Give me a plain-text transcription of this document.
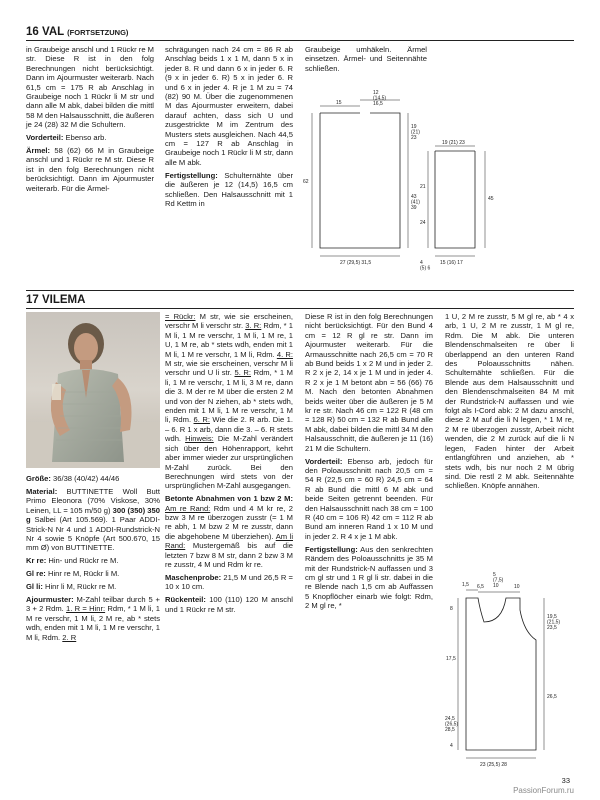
16 VAL (FORTSETZUNG)

in Graubeige anschl und 1 Rückr re M str. Diese R ist in den folg Berechnungen nicht berücksichtigt. Dann im Ajourmuster weiterarb. Nach 61,5 cm = 175 R ab Anschlag in Graubeige noch 1 Rückr li M str und dann alle M abk, dabei bilden die mittl 58 M den Halsausschnitt, die äußeren je 24 (28) 32 M die Schultern.

Vorderteil: Ebenso arb.

Ärmel: 58 (62) 66 M in Graubeige anschl und 1 Rückr re M str. Diese R ist in den folg Berechnungen nicht berücksichtigt. Dann im Ajourmuster weiterarb. Für die Ärmel-

schrägungen nach 24 cm = 86 R ab Anschlag beids 1 x 1 M, dann 5 x in jeder 8. R und dann 6 x in jeder 6. R (9 x in jeder 6. R) 5 x in jeder 6. R und 6 x in jeder 4. R je 1 M zu = 74 (82) 90 M. Über die zugenommenen M das Ajourmuster erweitern, dabei darauf achten, dass sich U und zusgestrickte M im Zentrum des Musters stets ausgleichen. Nach 44,5 cm = 127 R ab Anschlag in Graubeige noch 1 Rückr li M str, dann alle M abk.

Fertigstellung: Schulternähte über die äußeren je 12 (14,5) 16,5 cm schließen. Den Halsausschnitt mit 1 Rd Kettm in

Graubeige umhäkeln. Ärmel einsetzen. Ärmel- und Seitennähte schließen.

15
12 (14,5) 16,5
19 (21) 23
62
43 (41) 39
27 (29,5) 31,5
19 (21) 23
21
45
24
4 (5) 6
15 (16) 17
17 VILEMA

Größe: 36/38 (40/42) 44/46

Material: BUTTINETTE Woll Butt Primo Eleonora (70% Viskose, 30% Leinen, LL = 105 m/50 g) 300 (350) 350 g Salbei (Art 105.569). 1 Paar ADDI-Strick-N Nr 4 und 1 ADDI-Rundstrick-N Nr 4 sowie 5 Knöpfe (Art 500.670, 15 mm Ø) von BUTTINETTE.

Kr re: Hin- und Rückr re M.

Gl re: Hinr re M, Rückr li M.

Gl li: Hinr li M, Rückr re M.

Ajourmuster: M-Zahl teilbar durch 5 + 3 + 2 Rdm. 1. R = Hinr: Rdm, * 1 M li, 1 M re verschr, 1 M li, 2 M re, ab * stets wdh, enden mit 1 M li, 1 M re verschr, 1 M li, Rdm. 2. R

= Rückr: M str, wie sie erscheinen, verschr M li verschr str. 3. R: Rdm, * 1 M li, 1 M re verschr, 1 M li, 1 M re, 1 U, 1 M re, ab * stets wdh, enden mit 1 M li, 1 M re verschr, 1 M li, Rdm. 4. R: M str, wie sie erscheinen, verschr M li verschr und U li str. 5. R: Rdm, * 1 M li, 1 M re verschr, 1 M li, 3 M re, dann die 3. M der re M über die ersten 2 M und von der N ziehen, ab * stets wdh, enden mit 1 M li, 1 M re verschr, 1 M li, Rdm. 6. R: Wie die 2. R arb. Die 1. – 6. R 1 x arb, dann die 3. – 6. R stets wdh. Hinweis: Die M-Zahl verändert sich über den Höhenrapport, kehrt aber immer wieder zur ursprünglichen M-Zahl zurück. Bei den Berechnungen wird stets von der ursprünglichen M-Zahl ausgegangen.

Betonte Abnahmen von 1 bzw 2 M: Am re Rand: Rdm und 4 M kr re, 2 bzw 3 M re überzogen zusstr (= 1 M re abh, 1 M bzw 2 M re zusstr, dann die abgehobene M überziehen). Am li Rand: Mustergemäß bis auf die letzten 7 bzw 8 M str, dann 2 bzw 3 M re zusstr, 4 M und Rdm kr re.

Maschenprobe: 21,5 M und 26,5 R = 10 x 10 cm.

Rückenteil: 100 (110) 120 M anschl und 1 Rückr re M str.

Diese R ist in den folg Berechnungen nicht berücksichtigt. Für den Bund 4 cm = 12 R gl re str. Dann im Ajourmuster weiterarb. Für die Armausschnitte nach 26,5 cm = 70 R ab Bund beids 1 x 2 M und in jeder 2. R 2 x je 2, 14 x je 1 M und in jeder 4. R 2 x je 1 M betont abn = 56 (66) 76 M. Nach den betonten Abnahmen beids weiter über die äußeren je 5 M kr re str. Nach 46 cm = 122 R (48 cm = 128 R) 50 cm = 132 R ab Bund alle M abk, dabei bilden die mittl 34 M den Halsausschnitt, die äußeren je 11 (16) 21 M die Schultern.

Vorderteil: Ebenso arb, jedoch für den Poloausschnitt nach 20,5 cm = 54 R (22,5 cm = 60 R) 24,5 cm = 64 R ab Bund die mittl 6 M abk und beide Seiten getrennt beenden. Für den Halsausschnitt nach 38 cm = 100 R (40 cm = 106 R) 42 cm = 112 R ab Bund am inneren Rand 1 x 10 M und in jeder 2. R 4 x je 1 M abk.

Fertigstellung: Aus den senkrechten Rändern des Poloausschnitts je 35 M mit der Rundstrick-N auffassen und 3 cm gl str und 1 R gl li str. dabei in die re Blende nach 1,5 cm ab Auffassen 5 Knopflöcher einarb wie folgt: Rdm, 2 M gl re, *

1 U, 2 M re zusstr, 5 M gl re, ab * 4 x arb, 1 U, 2 M re zusstr, 1 M gl re, Rdm. Die M abk. Die unteren Blendenschmalseiten re über li überlappend an den unteren Rand des Poloausschnitts nähen. Schulternähte schließen. Für die Blende aus dem Halsausschnitt und den Blendenschmalseiten 84 M mit der Rundstrick-N auffassen und wie folgt als I-Cord abk: 2 M dazu anschl, diese 2 M auf die li N legen, * 1 M re, 2 M re überzogen zusstr, Arbeit nicht wenden, die 2 M zurück auf die li N legen, Faden hinter der Arbeit entlangführen und anziehen, ab * stets wdh, bis nur noch 2 M übrig sind. Die restl 2 M abk. Seitennähte schließen. Knöpfe annähen.

1,5 6,5
5 (7,5) 10	10
8
17,5
19,5 (21,5) 23,5
26,5
24,5 (26,5) 28,5
4
23 (25,5) 28
33
PassionForum.ru
